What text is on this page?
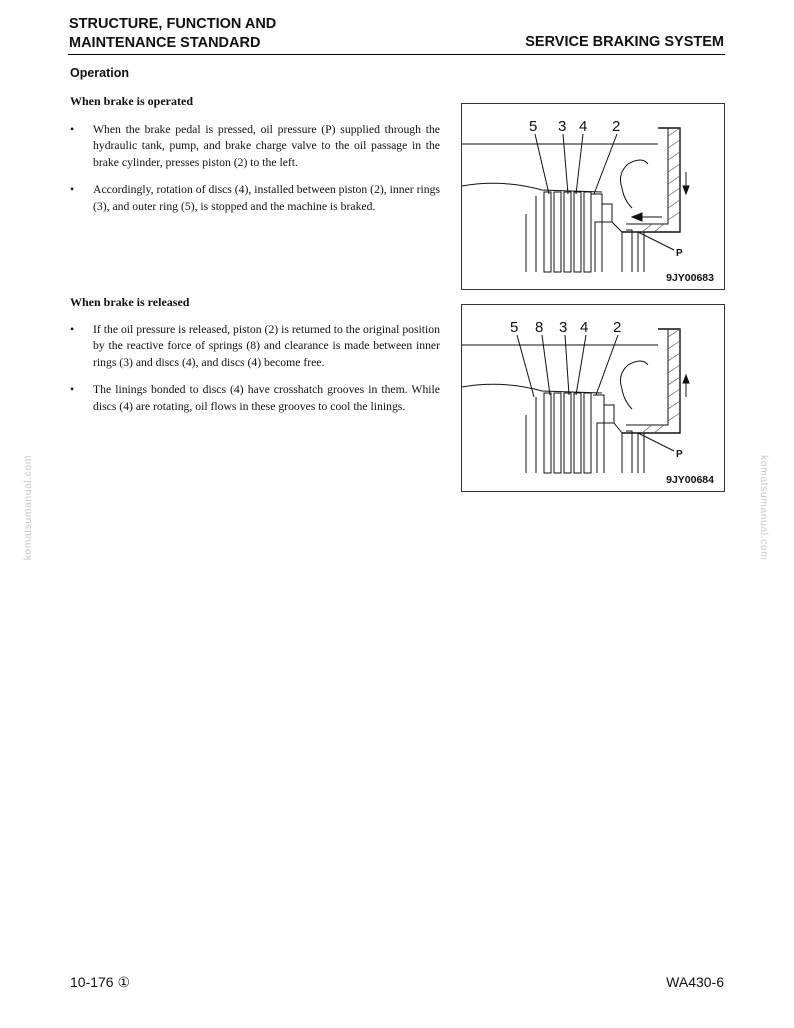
STRUCTURE, FUNCTION AND
MAINTENANCE STANDARD	SERVICE BRAKING SYSTEM
Operation
When brake is operated
• When the brake pedal is pressed, oil pressure (P) supplied through the hydraulic tank, pump, and brake charge valve to the oil passage in the brake cylinder, presses piston (2) to the left.
• Accordingly, rotation of discs (4), installed between piston (2), inner rings (3), and outer ring (5), is stopped and the machine is braked.
5 3 4 2
P
9JY00683
When brake is released
• If the oil pressure is released, piston (2) is returned to the original position by the reactive force of springs (8) and clearance is made between inner rings (3) and discs (4), and discs (4) become free.
• The linings bonded to discs (4) have crosshatch grooves in them. While discs (4) are rotating, oil flows in these grooves to cool the linings.
5 8 3 4 2
P
9JY00684
komatsumanual.com	komatsumanual.com
10-176 ①	WA430-6
